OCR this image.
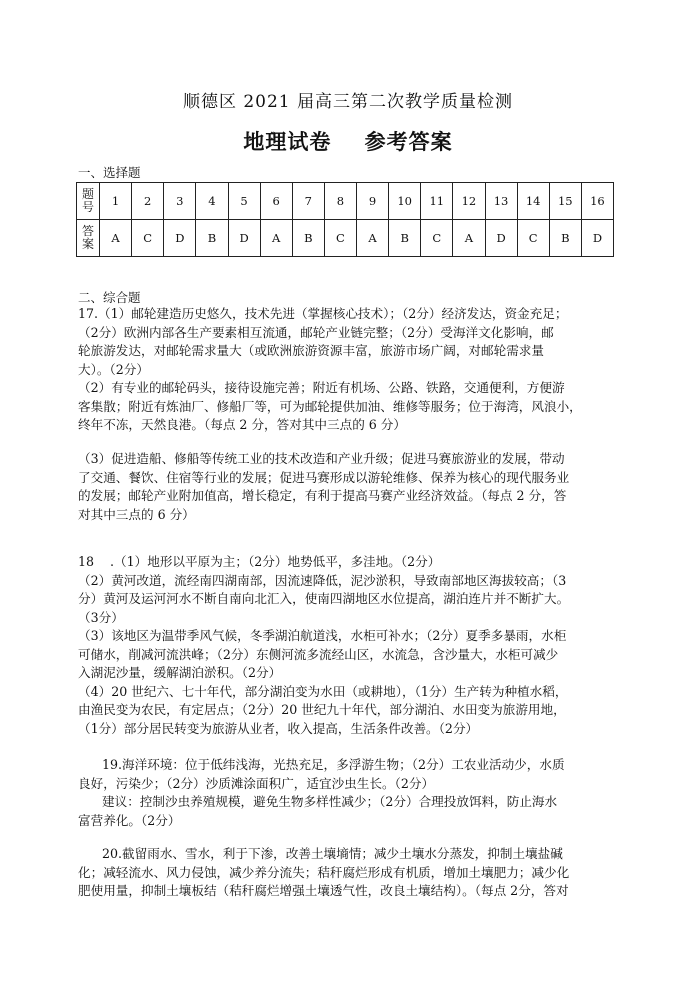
顺德区 2021 届高三第二次教学质量检测
地理试卷    参考答案
一、选择题
题号	1	2	3	4	5	6	7	8	9	10	11	12	13	14	15	16
答案	A	C	D	B	D	A	B	C	A	B	C	A	D	C	B	D
二、综合题
17.（1）邮轮建造历史悠久，技术先进（掌握核心技术）；（2分）经济发达，资金充足；
（2分）欧洲内部各生产要素相互流通，邮轮产业链完整；（2分）受海洋文化影响，邮
轮旅游发达，对邮轮需求量大（或欧洲旅游资源丰富，旅游市场广阔，对邮轮需求量
大）。（2分）
（2）有专业的邮轮码头，接待设施完善；附近有机场、公路、铁路，交通便利，方便游
客集散；附近有炼油厂、修船厂等，可为邮轮提供加油、维修等服务；位于海湾，风浪小，
终年不冻，天然良港。（每点 2 分，答对其中三点的 6 分）
（3）促进造船、修船等传统工业的技术改造和产业升级；促进马赛旅游业的发展，带动
了交通、餐饮、住宿等行业的发展；促进马赛形成以游轮维修、保养为核心的现代服务业
的发展；邮轮产业附加值高，增长稳定，有利于提高马赛产业经济效益。（每点 2 分，答
对其中三点的 6 分）
18    .（1）地形以平原为主；（2分）地势低平，多洼地。（2分）
（2）黄河改道，流经南四湖南部，因流速降低，泥沙淤积，导致南部地区海拔较高；（3
分）黄河及运河河水不断自南向北汇入，使南四湖地区水位提高，湖泊连片并不断扩大。
（3分）
（3）该地区为温带季风气候，冬季湖泊航道浅，水柜可补水；（2分）夏季多暴雨，水柜
可储水，削减河流洪峰；（2分）东侧河流多流经山区，水流急，含沙量大，水柜可减少
入湖泥沙量，缓解湖泊淤积。（2分）
（4）20 世纪六、七十年代，部分湖泊变为水田（或耕地），（1分）生产转为种植水稻，
由渔民变为农民，有定居点；（2分）20 世纪九十年代，部分湖泊、水田变为旅游用地，
（1分）部分居民转变为旅游从业者，收入提高，生活条件改善。（2分）
19.海洋环境：位于低纬浅海，光热充足，多浮游生物；（2分）工农业活动少，水质
良好，污染少；（2分）沙质滩涂面积广，适宜沙虫生长。（2分）
建议：控制沙虫养殖规模，避免生物多样性减少；（2分）合理投放饵料，防止海水
富营养化。（2分）
20.截留雨水、雪水，利于下渗，改善土壤墒情；减少土壤水分蒸发，抑制土壤盐碱
化；减轻流水、风力侵蚀，减少养分流失；秸秆腐烂形成有机质，增加土壤肥力；减少化
肥使用量，抑制土壤板结（秸秆腐烂增强土壤透气性，改良土壤结构）。（每点 2分，答对
